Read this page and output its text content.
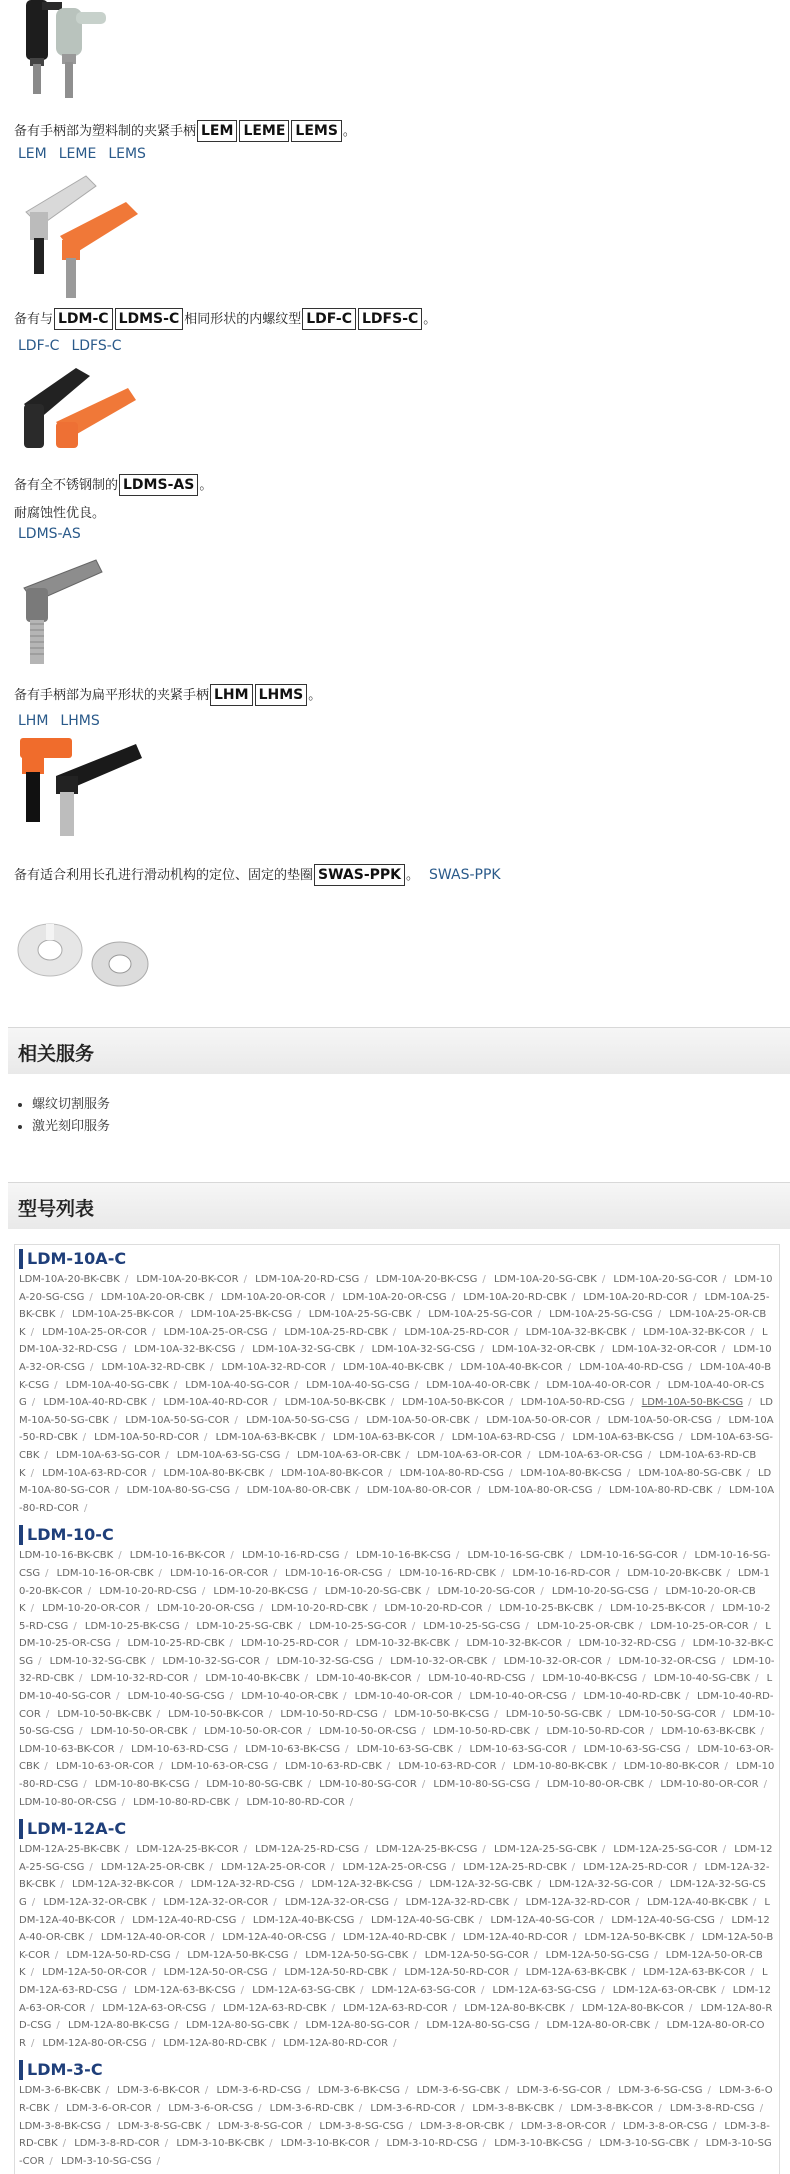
备有手柄部为塑料制的夹紧手柄 LEM LEME LEMS 。
LEM LEME LEMS
备有与 LDM-C LDMS-C 相同形状的内螺纹型 LDF-C LDFS-C 。
LDF-C LDFS-C
备有全不锈钢制的 LDMS-AS 。
耐腐蚀性优良。
LDMS-AS
备有手柄部为扁平形状的夹紧手柄 LHM LHMS 。
LHM LHMS
备有适合利用长孔进行滑动机构的定位、固定的垫圈 SWAS-PPK 。 SWAS-PPK
相关服务
• 螺纹切割服务
• 激光刻印服务
型号列表
LDM-10A-C
LDM-10A-20-BK-CBK / LDM-10A-20-BK-COR / LDM-10A-20-RD-CSG / LDM-10A-20-BK-CSG / LDM-10A-20-SG-CBK / LDM-10A-20-SG-COR / LDM-10A-20-SG-CSG / LDM-10A-20-OR-CBK / LDM-10A-20-OR-COR / LDM-10A-20-OR-CSG / LDM-10A-20-RD-CBK / LDM-10A-20-RD-COR / LDM-10A-25-BK-CBK / LDM-10A-25-BK-COR / LDM-10A-25-BK-CSG / LDM-10A-25-SG-CBK / LDM-10A-25-SG-COR / LDM-10A-25-SG-CSG / LDM-10A-25-OR-CBK / LDM-10A-25-OR-COR / LDM-10A-25-OR-CSG / LDM-10A-25-RD-CBK / LDM-10A-25-RD-COR / LDM-10A-32-BK-CBK / LDM-10A-32-BK-COR / LDM-10A-32-RD-CSG / LDM-10A-32-BK-CSG / LDM-10A-32-SG-CBK / LDM-10A-32-SG-CSG / LDM-10A-32-OR-CBK / LDM-10A-32-OR-COR / LDM-10A-32-OR-CSG / LDM-10A-32-RD-CBK / LDM-10A-32-RD-COR / LDM-10A-40-BK-CBK / LDM-10A-40-BK-COR / LDM-10A-40-RD-CSG / LDM-10A-40-BK-CSG / LDM-10A-40-SG-CBK / LDM-10A-40-SG-COR / LDM-10A-40-SG-CSG / LDM-10A-40-OR-CBK / LDM-10A-40-OR-COR / LDM-10A-40-OR-CSG / LDM-10A-40-RD-CBK / LDM-10A-40-RD-COR / LDM-10A-50-BK-CBK / LDM-10A-50-BK-COR / LDM-10A-50-RD-CSG / LDM-10A-50-BK-CSG / LDM-10A-50-SG-CBK / LDM-10A-50-SG-COR / LDM-10A-50-SG-CSG / LDM-10A-50-OR-CBK / LDM-10A-50-OR-COR / LDM-10A-50-OR-CSG / LDM-10A-50-RD-CBK / LDM-10A-50-RD-COR / LDM-10A-63-BK-CBK / LDM-10A-63-BK-COR / LDM-10A-63-RD-CSG / LDM-10A-63-BK-CSG / LDM-10A-63-SG-CBK / LDM-10A-63-SG-COR / LDM-10A-63-SG-CSG / LDM-10A-63-OR-CBK / LDM-10A-63-OR-COR / LDM-10A-63-OR-CSG / LDM-10A-63-RD-CBK / LDM-10A-63-RD-COR / LDM-10A-80-BK-CBK / LDM-10A-80-BK-COR / LDM-10A-80-RD-CSG / LDM-10A-80-BK-CSG / LDM-10A-80-SG-CBK / LDM-10A-80-SG-COR / LDM-10A-80-SG-CSG / LDM-10A-80-OR-CBK / LDM-10A-80-OR-COR / LDM-10A-80-OR-CSG / LDM-10A-80-RD-CBK / LDM-10A-80-RD-COR /
LDM-10-C
LDM-10-16-BK-CBK / LDM-10-16-BK-COR / LDM-10-16-RD-CSG / LDM-10-16-BK-CSG / LDM-10-16-SG-CBK / LDM-10-16-SG-COR / LDM-10-16-SG-CSG / LDM-10-16-OR-CBK / LDM-10-16-OR-COR / LDM-10-16-OR-CSG / LDM-10-16-RD-CBK / LDM-10-16-RD-COR / LDM-10-20-BK-CBK / LDM-10-20-BK-COR / LDM-10-20-RD-CSG / LDM-10-20-BK-CSG / LDM-10-20-SG-CBK / LDM-10-20-SG-COR / LDM-10-20-SG-CSG / LDM-10-20-OR-CBK / LDM-10-20-OR-COR / LDM-10-20-OR-CSG / LDM-10-20-RD-CBK / LDM-10-20-RD-COR / LDM-10-25-BK-CBK / LDM-10-25-BK-COR / LDM-10-25-RD-CSG / LDM-10-25-BK-CSG / LDM-10-25-SG-CBK / LDM-10-25-SG-COR / LDM-10-25-SG-CSG / LDM-10-25-OR-CBK / LDM-10-25-OR-COR / LDM-10-25-OR-CSG / LDM-10-25-RD-CBK / LDM-10-25-RD-COR / LDM-10-32-BK-CBK / LDM-10-32-BK-COR / LDM-10-32-RD-CSG / LDM-10-32-BK-CSG / LDM-10-32-SG-CBK / LDM-10-32-SG-COR / LDM-10-32-SG-CSG / LDM-10-32-OR-CBK / LDM-10-32-OR-COR / LDM-10-32-OR-CSG / LDM-10-32-RD-CBK / LDM-10-32-RD-COR / LDM-10-40-BK-CBK / LDM-10-40-BK-COR / LDM-10-40-RD-CSG / LDM-10-40-BK-CSG / LDM-10-40-SG-CBK / LDM-10-40-SG-COR / LDM-10-40-SG-CSG / LDM-10-40-OR-CBK / LDM-10-40-OR-COR / LDM-10-40-OR-CSG / LDM-10-40-RD-CBK / LDM-10-40-RD-COR / LDM-10-50-BK-CBK / LDM-10-50-BK-COR / LDM-10-50-RD-CSG / LDM-10-50-BK-CSG / LDM-10-50-SG-CBK / LDM-10-50-SG-COR / LDM-10-50-SG-CSG / LDM-10-50-OR-CBK / LDM-10-50-OR-COR / LDM-10-50-OR-CSG / LDM-10-50-RD-CBK / LDM-10-50-RD-COR / LDM-10-63-BK-CBK / LDM-10-63-BK-COR / LDM-10-63-RD-CSG / LDM-10-63-BK-CSG / LDM-10-63-SG-CBK / LDM-10-63-SG-COR / LDM-10-63-SG-CSG / LDM-10-63-OR-CBK / LDM-10-63-OR-COR / LDM-10-63-OR-CSG / LDM-10-63-RD-CBK / LDM-10-63-RD-COR / LDM-10-80-BK-CBK / LDM-10-80-BK-COR / LDM-10-80-RD-CSG / LDM-10-80-BK-CSG / LDM-10-80-SG-CBK / LDM-10-80-SG-COR / LDM-10-80-SG-CSG / LDM-10-80-OR-CBK / LDM-10-80-OR-COR / LDM-10-80-OR-CSG / LDM-10-80-RD-CBK / LDM-10-80-RD-COR /
LDM-12A-C
LDM-12A-25-BK-CBK / LDM-12A-25-BK-COR / LDM-12A-25-RD-CSG / LDM-12A-25-BK-CSG / LDM-12A-25-SG-CBK / LDM-12A-25-SG-COR / LDM-12A-25-SG-CSG / LDM-12A-25-OR-CBK / LDM-12A-25-OR-COR / LDM-12A-25-OR-CSG / LDM-12A-25-RD-CBK / LDM-12A-25-RD-COR / LDM-12A-32-BK-CBK / LDM-12A-32-BK-COR / LDM-12A-32-RD-CSG / LDM-12A-32-BK-CSG / LDM-12A-32-SG-CBK / LDM-12A-32-SG-COR / LDM-12A-32-SG-CSG / LDM-12A-32-OR-CBK / LDM-12A-32-OR-COR / LDM-12A-32-OR-CSG / LDM-12A-32-RD-CBK / LDM-12A-32-RD-COR / LDM-12A-40-BK-CBK / LDM-12A-40-BK-COR / LDM-12A-40-RD-CSG / LDM-12A-40-BK-CSG / LDM-12A-40-SG-CBK / LDM-12A-40-SG-COR / LDM-12A-40-SG-CSG / LDM-12A-40-OR-CBK / LDM-12A-40-OR-COR / LDM-12A-40-OR-CSG / LDM-12A-40-RD-CBK / LDM-12A-40-RD-COR / LDM-12A-50-BK-CBK / LDM-12A-50-BK-COR / LDM-12A-50-RD-CSG / LDM-12A-50-BK-CSG / LDM-12A-50-SG-CBK / LDM-12A-50-SG-COR / LDM-12A-50-SG-CSG / LDM-12A-50-OR-CBK / LDM-12A-50-OR-COR / LDM-12A-50-OR-CSG / LDM-12A-50-RD-CBK / LDM-12A-50-RD-COR / LDM-12A-63-BK-CBK / LDM-12A-63-BK-COR / LDM-12A-63-RD-CSG / LDM-12A-63-BK-CSG / LDM-12A-63-SG-CBK / LDM-12A-63-SG-COR / LDM-12A-63-SG-CSG / LDM-12A-63-OR-CBK / LDM-12A-63-OR-COR / LDM-12A-63-OR-CSG / LDM-12A-63-RD-CBK / LDM-12A-63-RD-COR / LDM-12A-80-BK-CBK / LDM-12A-80-BK-COR / LDM-12A-80-RD-CSG / LDM-12A-80-BK-CSG / LDM-12A-80-SG-CBK / LDM-12A-80-SG-COR / LDM-12A-80-SG-CSG / LDM-12A-80-OR-CBK / LDM-12A-80-OR-COR / LDM-12A-80-OR-CSG / LDM-12A-80-RD-CBK / LDM-12A-80-RD-COR /
LDM-3-C
LDM-3-6-BK-CBK / LDM-3-6-BK-COR / LDM-3-6-RD-CSG / LDM-3-6-BK-CSG / LDM-3-6-SG-CBK / LDM-3-6-SG-COR / LDM-3-6-SG-CSG / LDM-3-6-OR-CBK / LDM-3-6-OR-COR / LDM-3-6-OR-CSG / LDM-3-6-RD-CBK / LDM-3-6-RD-COR / LDM-3-8-BK-CBK / LDM-3-8-BK-COR / LDM-3-8-RD-CSG / LDM-3-8-BK-CSG / LDM-3-8-SG-CBK / LDM-3-8-SG-COR / LDM-3-8-SG-CSG / LDM-3-8-OR-CBK / LDM-3-8-OR-COR / LDM-3-8-OR-CSG / LDM-3-8-RD-CBK / LDM-3-8-RD-COR / LDM-3-10-BK-CBK / LDM-3-10-BK-COR / LDM-3-10-RD-CSG / LDM-3-10-BK-CSG / LDM-3-10-SG-CBK / LDM-3-10-SG-COR / LDM-3-10-SG-CSG /
